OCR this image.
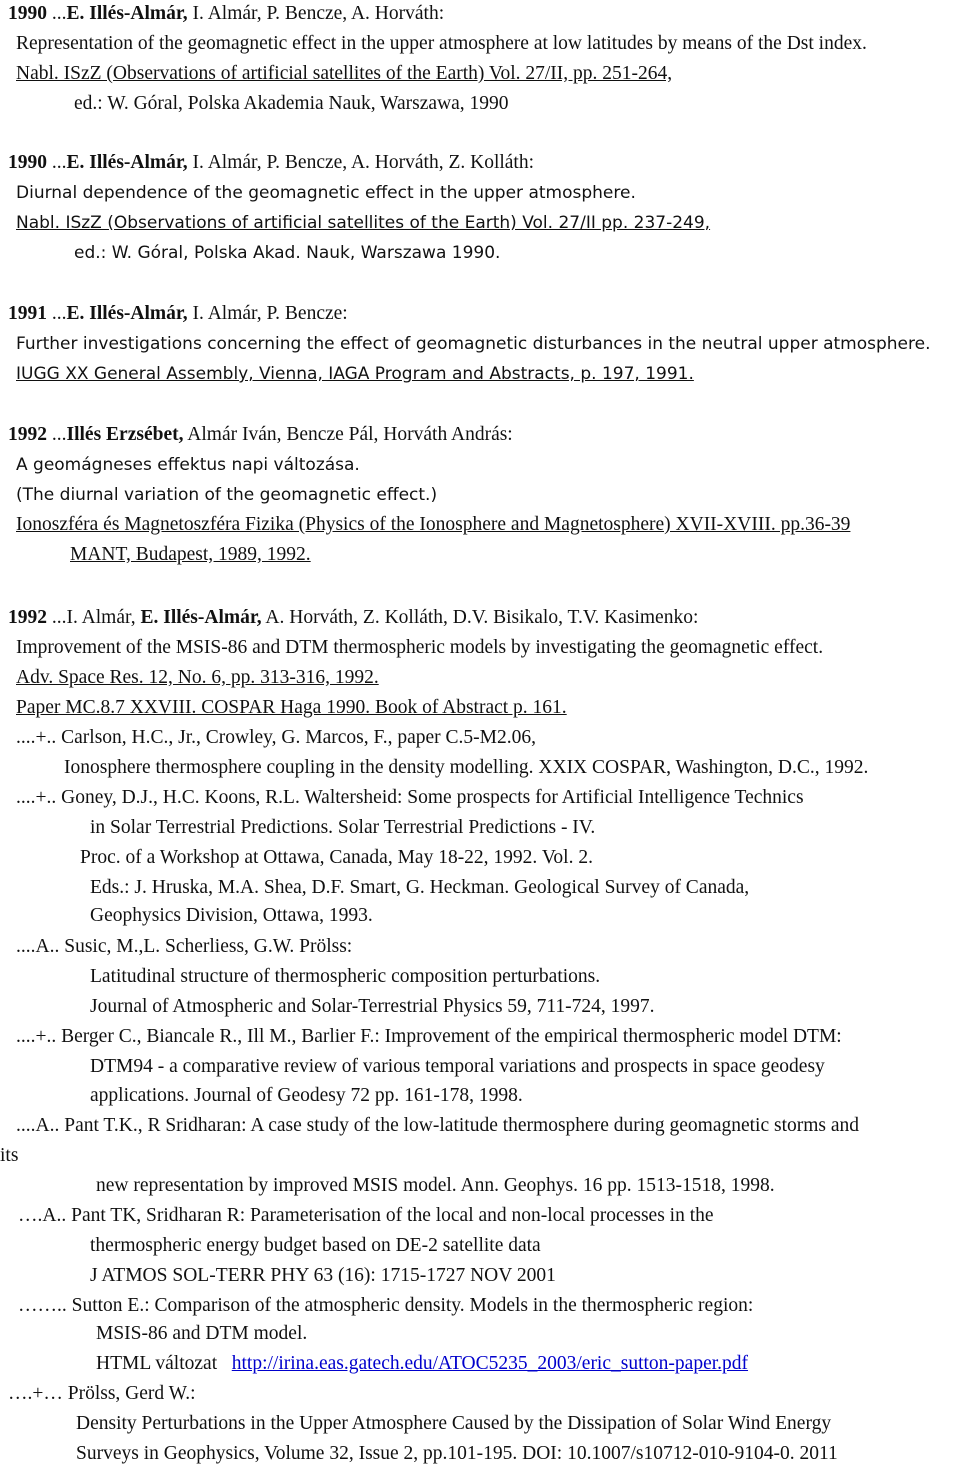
1990 ...E. Illés-Almár, I. Almár, P. Bencze, A. Horváth:
Representation of the geomagnetic effect in the upper atmosphere at low latitudes by means of the Dst index.
Nabl. ISzZ (Observations of artificial satellites of the Earth) Vol. 27/II, pp. 251-264,
ed.: W. Góral, Polska Akademia Nauk, Warszawa, 1990
1990 ...E. Illés-Almár, I. Almár, P. Bencze, A. Horváth, Z. Kolláth:
Diurnal dependence of the geomagnetic effect in the upper atmosphere.
Nabl. ISzZ (Observations of artificial satellites of the Earth) Vol. 27/II pp. 237-249,
ed.: W. Góral, Polska Akad. Nauk, Warszawa 1990.
1991 ...E. Illés-Almár, I. Almár, P. Bencze:
Further investigations concerning the effect of geomagnetic disturbances in the neutral upper atmosphere.
IUGG XX General Assembly, Vienna, IAGA Program and Abstracts, p. 197, 1991.
1992 ...Illés Erzsébet, Almár Iván, Bencze Pál, Horváth András:
A geomágneses effektus napi változása.
(The diurnal variation of the geomagnetic effect.)
Ionoszféra és Magnetoszféra Fizika (Physics of the Ionosphere and Magnetosphere) XVII-XVIII. pp.36-39
MANT, Budapest, 1989, 1992.
1992 ...I. Almár, E. Illés-Almár, A. Horváth, Z. Kolláth, D.V. Bisikalo, T.V. Kasimenko:
Improvement of the MSIS-86 and DTM thermospheric models by investigating the geomagnetic effect.
Adv. Space Res. 12, No. 6, pp. 313-316, 1992.
Paper MC.8.7 XXVIII. COSPAR Haga 1990. Book of Abstract p. 161.
....+.. Carlson, H.C., Jr., Crowley, G. Marcos, F., paper C.5-M2.06,
Ionosphere thermosphere coupling in the density modelling. XXIX COSPAR, Washington, D.C., 1992.
....+.. Goney, D.J., H.C. Koons, R.L. Waltersheid: Some prospects for Artificial Intelligence Technics
in Solar Terrestrial Predictions. Solar Terrestrial Predictions - IV.
Proc. of a Workshop at Ottawa, Canada, May 18-22, 1992. Vol. 2.
Eds.: J. Hruska, M.A. Shea, D.F. Smart, G. Heckman. Geological Survey of Canada,
Geophysics Division, Ottawa, 1993.
....A.. Susic, M.,L. Scherliess, G.W. Prölss:
Latitudinal structure of thermospheric composition perturbations.
Journal of Atmospheric and Solar-Terrestrial Physics 59, 711-724, 1997.
....+.. Berger C., Biancale R., Ill M., Barlier F.: Improvement of the empirical thermospheric model DTM:
DTM94 - a comparative review of various temporal variations and prospects in space geodesy
applications. Journal of Geodesy 72 pp. 161-178, 1998.
....A.. Pant T.K., R Sridharan: A case study of the low-latitude thermosphere during geomagnetic storms and
its
new representation by improved MSIS model. Ann. Geophys. 16 pp. 1513-1518, 1998.
….A.. Pant TK, Sridharan R: Parameterisation of the local and non-local processes in the
thermospheric energy budget based on DE-2 satellite data
J ATMOS SOL-TERR PHY 63 (16): 1715-1727 NOV 2001
…….. Sutton E.: Comparison of the atmospheric density. Models in the thermospheric region:
MSIS-86 and DTM model.
HTML változat http://irina.eas.gatech.edu/ATOC5235_2003/eric_sutton-paper.pdf
….+… Prölss, Gerd W.:
Density Perturbations in the Upper Atmosphere Caused by the Dissipation of Solar Wind Energy
Surveys in Geophysics, Volume 32, Issue 2, pp.101-195. DOI: 10.1007/s10712-010-9104-0. 2011
